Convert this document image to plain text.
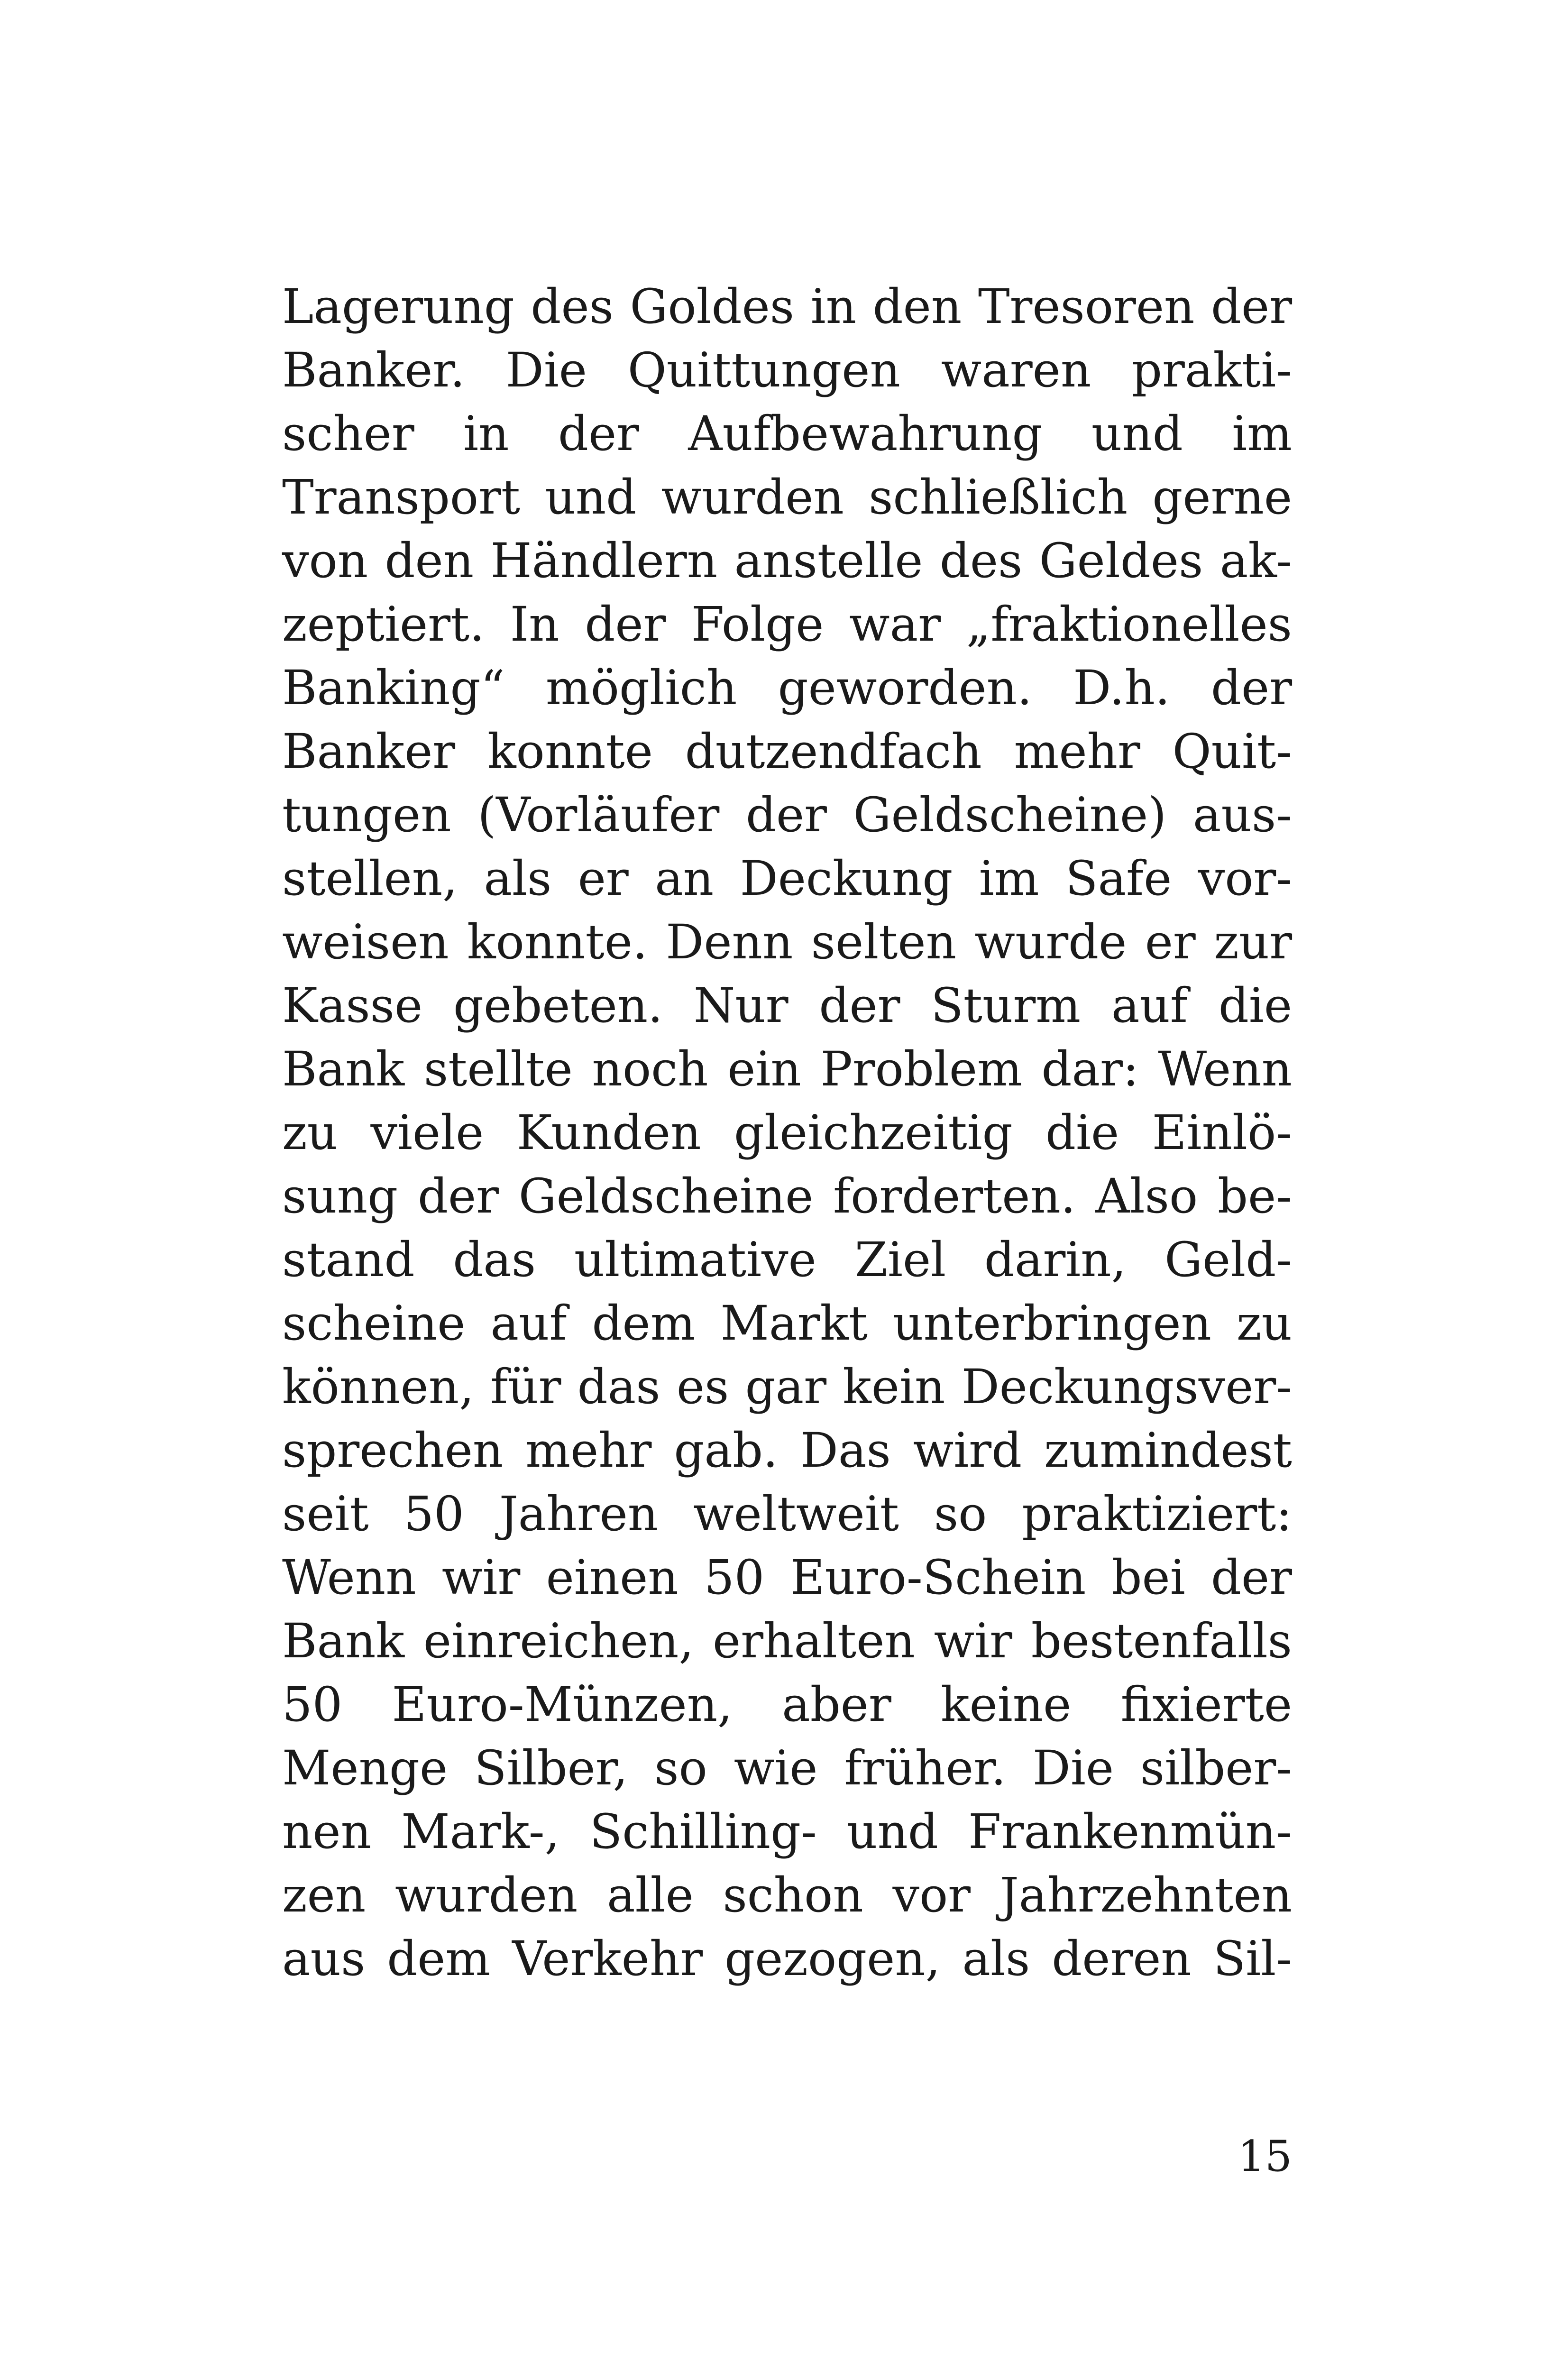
Lagerung des Goldes in den Tresoren der
Banker. Die Quittungen waren prakti-
scher in der Aufbewahrung und im
Transport und wurden schließlich gerne
von den Händlern anstelle des Geldes ak-
zeptiert. In der Folge war „fraktionelles
Banking“ möglich geworden. D.h. der
Banker konnte dutzendfach mehr Quit-
tungen (Vorläufer der Geldscheine) aus-
stellen, als er an Deckung im Safe vor-
weisen konnte. Denn selten wurde er zur
Kasse gebeten. Nur der Sturm auf die
Bank stellte noch ein Problem dar: Wenn
zu viele Kunden gleichzeitig die Einlö-
sung der Geldscheine forderten. Also be-
stand das ultimative Ziel darin, Geld-
scheine auf dem Markt unterbringen zu
können, für das es gar kein Deckungsver-
sprechen mehr gab. Das wird zumindest
seit 50 Jahren weltweit so praktiziert:
Wenn wir einen 50 Euro-Schein bei der
Bank einreichen, erhalten wir bestenfalls
50 Euro-Münzen, aber keine fixierte
Menge Silber, so wie früher. Die silber-
nen Mark-, Schilling- und Frankenmün-
zen wurden alle schon vor Jahrzehnten
aus dem Verkehr gezogen, als deren Sil-
15
